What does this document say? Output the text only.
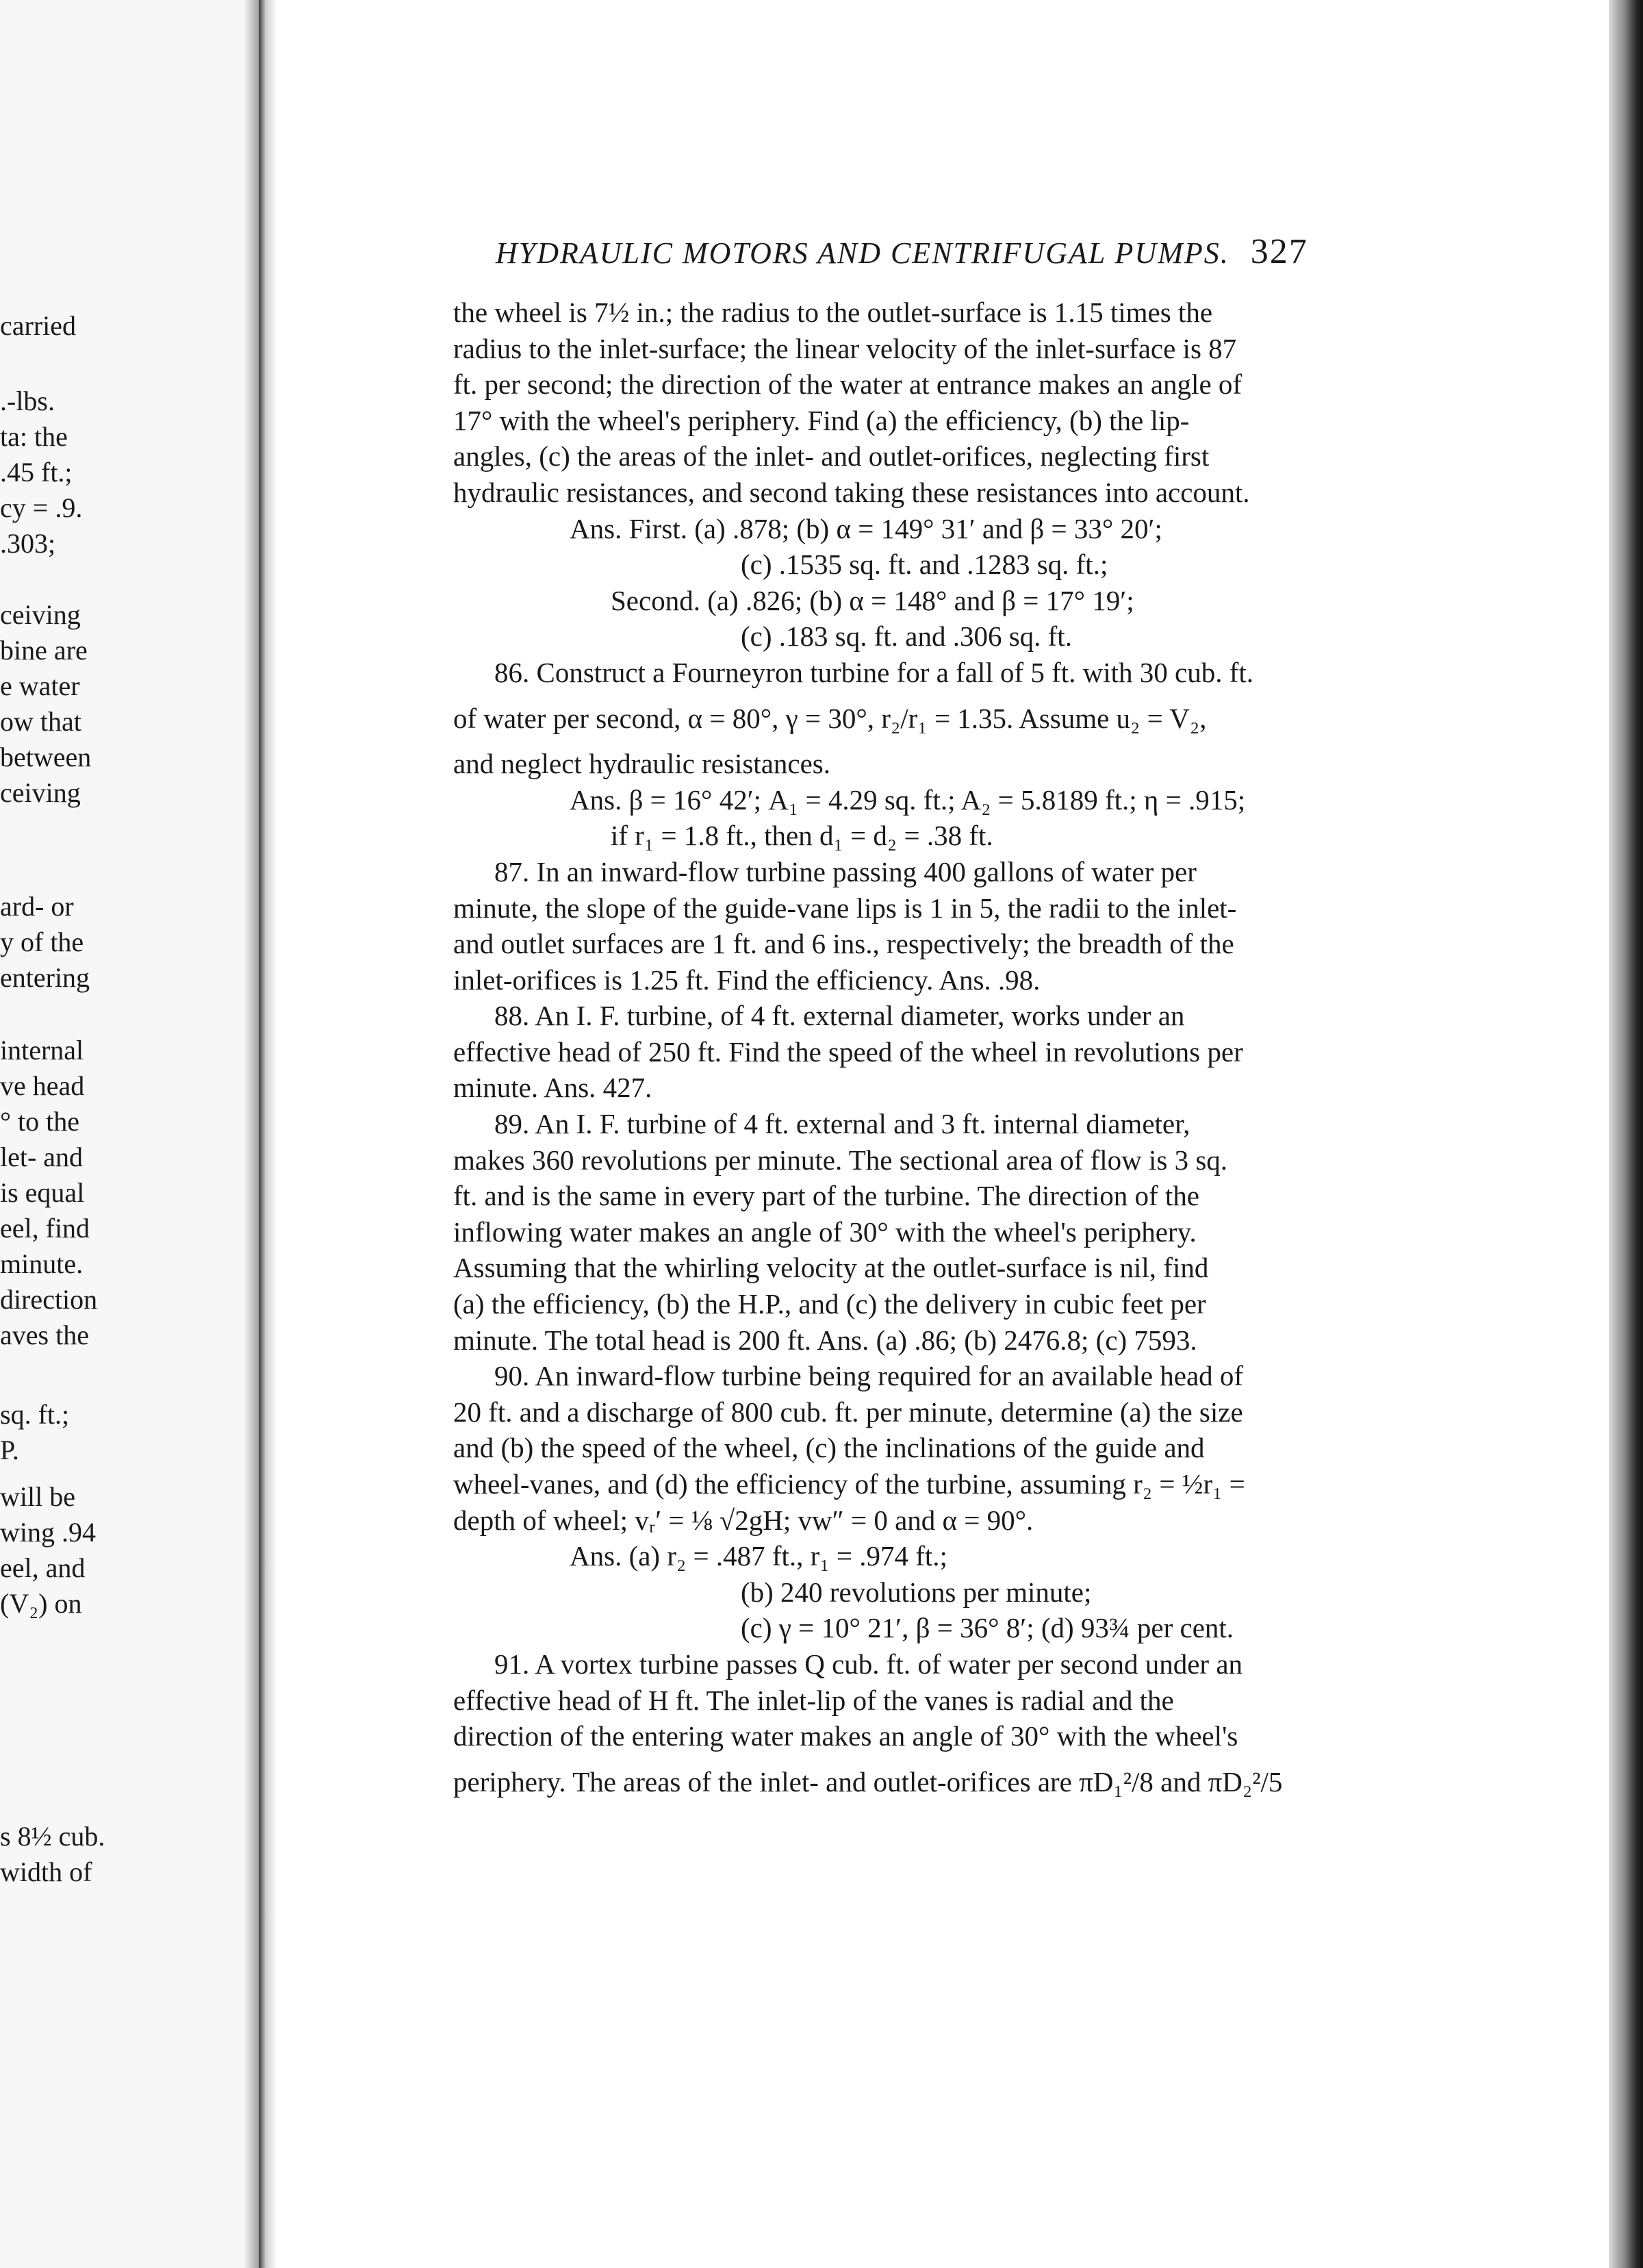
carried
.-lbs.
ta: the
.45 ft.;
cy = .9.
.303;
ceiving
bine are
e water
ow that
between
ceiving
ard- or
y of the
entering
internal
ve head
° to the
let- and
is equal
eel, find
minute.
direction
aves the
sq. ft.;
P.
will be
wing .94
eel, and
(V₂) on
s 8½ cub.
width of
HYDRAULIC MOTORS AND CENTRIFUGAL PUMPS. 327
the wheel is 7½ in.; the radius to the outlet-surface is 1.15 times the
radius to the inlet-surface; the linear velocity of the inlet-surface is 87
ft. per second; the direction of the water at entrance makes an angle of
17° with the wheel's periphery. Find (a) the efficiency, (b) the lip-
angles, (c) the areas of the inlet- and outlet-orifices, neglecting first
hydraulic resistances, and second taking these resistances into account.
Ans. First. (a) .878; (b) α = 149° 31′ and β = 33° 20′;
(c) .1535 sq. ft. and .1283 sq. ft.;
Second. (a) .826; (b) α = 148° and β = 17° 19′;
(c) .183 sq. ft. and .306 sq. ft.
86. Construct a Fourneyron turbine for a fall of 5 ft. with 30 cub. ft.
of water per second, α = 80°, γ = 30°, r₂/r₁ = 1.35. Assume u₂ = V₂,
and neglect hydraulic resistances.
Ans. β = 16° 42′; A₁ = 4.29 sq. ft.; A₂ = 5.8189 ft.; η = .915;
if r₁ = 1.8 ft., then d₁ = d₂ = .38 ft.
87. In an inward-flow turbine passing 400 gallons of water per
minute, the slope of the guide-vane lips is 1 in 5, the radii to the inlet-
and outlet surfaces are 1 ft. and 6 ins., respectively; the breadth of the
inlet-orifices is 1.25 ft. Find the efficiency. Ans. .98.
88. An I. F. turbine, of 4 ft. external diameter, works under an
effective head of 250 ft. Find the speed of the wheel in revolutions per
minute. Ans. 427.
89. An I. F. turbine of 4 ft. external and 3 ft. internal diameter,
makes 360 revolutions per minute. The sectional area of flow is 3 sq.
ft. and is the same in every part of the turbine. The direction of the
inflowing water makes an angle of 30° with the wheel's periphery.
Assuming that the whirling velocity at the outlet-surface is nil, find
(a) the efficiency, (b) the H.P., and (c) the delivery in cubic feet per
minute. The total head is 200 ft. Ans. (a) .86; (b) 2476.8; (c) 7593.
90. An inward-flow turbine being required for an available head of
20 ft. and a discharge of 800 cub. ft. per minute, determine (a) the size
and (b) the speed of the wheel, (c) the inclinations of the guide and
wheel-vanes, and (d) the efficiency of the turbine, assuming r₂ = ½r₁ =
depth of wheel; vᵣ′ = ⅛ √2gH; vw″ = 0 and α = 90°.
Ans. (a) r₂ = .487 ft., r₁ = .974 ft.;
(b) 240 revolutions per minute;
(c) γ = 10° 21′, β = 36° 8′; (d) 93¾ per cent.
91. A vortex turbine passes Q cub. ft. of water per second under an
effective head of H ft. The inlet-lip of the vanes is radial and the
direction of the entering water makes an angle of 30° with the wheel's
periphery. The areas of the inlet- and outlet-orifices are πD₁²/8 and πD₂²/5
